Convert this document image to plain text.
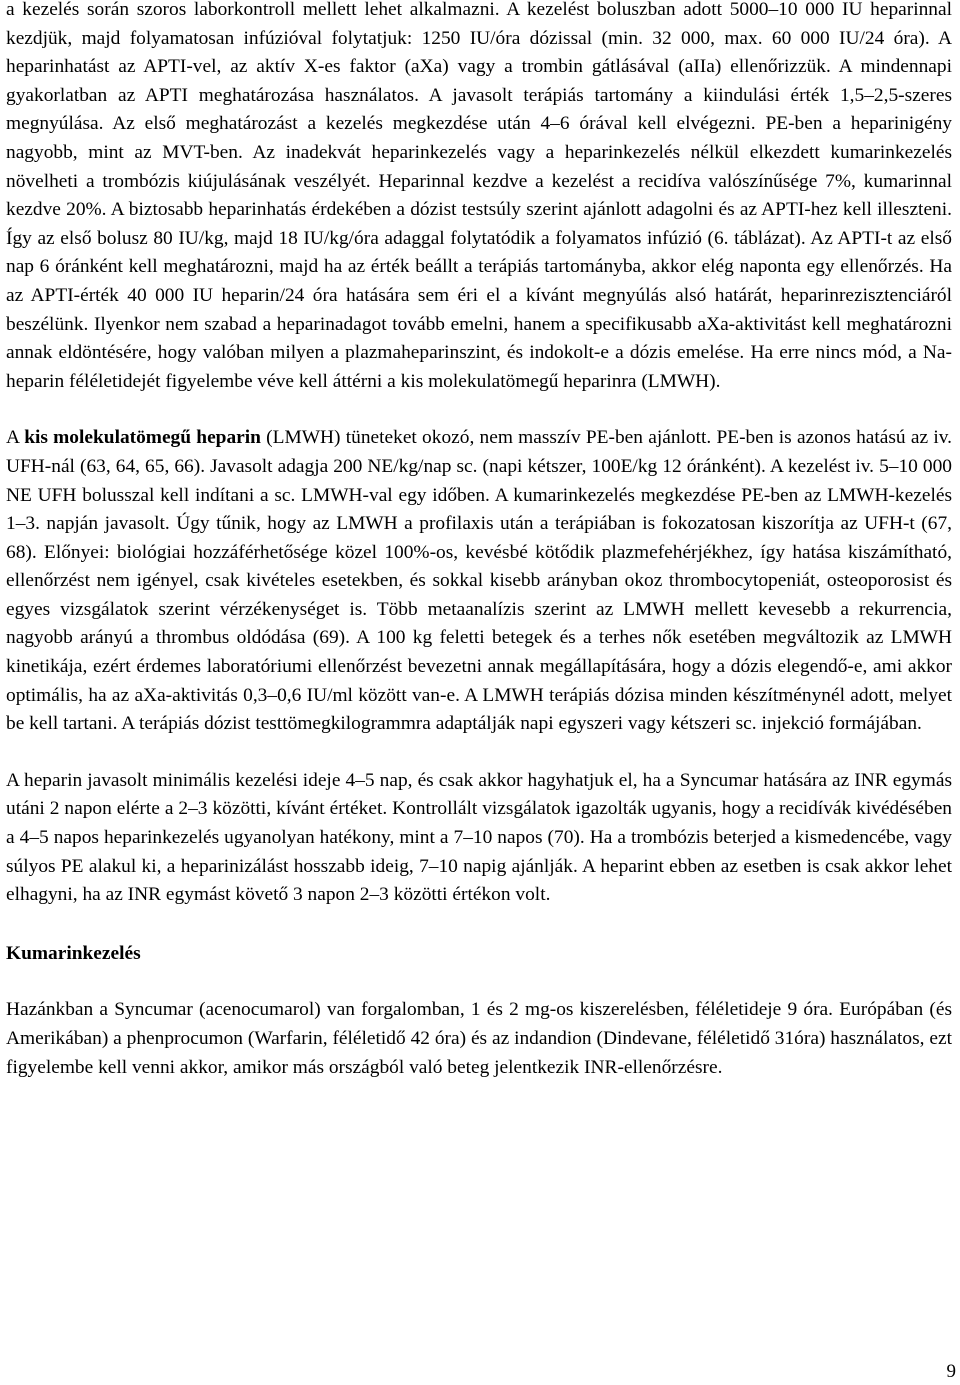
a kezelés során szoros laborkontroll mellett lehet alkalmazni. A kezelést boluszban adott 5000–10 000 IU heparinnal kezdjük, majd folyamatosan infúzióval folytatjuk: 1250 IU/óra dózissal (min. 32 000, max. 60 000 IU/24 óra). A heparinhatást az APTI-vel, az aktív X-es faktor (aXa) vagy a trombin gátlásával (aIIa) ellenőrizzük. A mindennapi gyakorlatban az APTI meghatározása használatos. A javasolt terápiás tartomány a kiindulási érték 1,5–2,5-szeres megnyúlása. Az első meghatározást a kezelés megkezdése után 4–6 órával kell elvégezni. PE-ben a heparinigény nagyobb, mint az MVT-ben. Az inadekvát heparinkezelés vagy a heparinkezelés nélkül elkezdett kumarinkezelés növelheti a trombózis kiújulásának veszélyét. Heparinnal kezdve a kezelést a recidíva valószínűsége 7%, kumarinnal kezdve 20%. A biztosabb heparinhatás érdekében a dózist testsúly szerint ajánlott adagolni és az APTI-hez kell illeszteni. Így az első bolusz 80 IU/kg, majd 18 IU/kg/óra adaggal folytatódik a folyamatos infúzió (6. táblázat). Az APTI-t az első nap 6 óránként kell meghatározni, majd ha az érték beállt a terápiás tartományba, akkor elég naponta egy ellenőrzés. Ha az APTI-érték 40 000 IU heparin/24 óra hatására sem éri el a kívánt megnyúlás alsó határát, heparinrezisztenciáról beszélünk. Ilyenkor nem szabad a heparinadagot tovább emelni, hanem a specifikusabb aXa-aktivitást kell meghatározni annak eldöntésére, hogy valóban milyen a plazmaheparinszint, és indokolt-e a dózis emelése. Ha erre nincs mód, a Na-heparin féléletidejét figyelembe véve kell áttérni a kis molekulatömegű heparinra (LMWH).

A kis molekulatömegű heparin (LMWH) tüneteket okozó, nem masszív PE-ben ajánlott. PE-ben is azonos hatású az iv. UFH-nál (63, 64, 65, 66). Javasolt adagja 200 NE/kg/nap sc. (napi kétszer, 100E/kg 12 óránként). A kezelést iv. 5–10 000 NE UFH bolusszal kell indítani a sc. LMWH-val egy időben. A kumarinkezelés megkezdése PE-ben az LMWH-kezelés 1–3. napján javasolt. Úgy tűnik, hogy az LMWH a profilaxis után a terápiában is fokozatosan kiszorítja az UFH-t (67, 68). Előnyei: biológiai hozzáférhetősége közel 100%-os, kevésbé kötődik plazmefehérjékhez, így hatása kiszámítható, ellenőrzést nem igényel, csak kivételes esetekben, és sokkal kisebb arányban okoz thrombocytopeniát, osteoporosist és egyes vizsgálatok szerint vérzékenységet is. Több metaanalízis szerint az LMWH mellett kevesebb a rekurrencia, nagyobb arányú a thrombus oldódása (69). A 100 kg feletti betegek és a terhes nők esetében megváltozik az LMWH kinetikája, ezért érdemes laboratóriumi ellenőrzést bevezetni annak megállapítására, hogy a dózis elegendő-e, ami akkor optimális, ha az aXa-aktivitás 0,3–0,6 IU/ml között van-e. A LMWH terápiás dózisa minden készítménynél adott, melyet be kell tartani. A terápiás dózist testtömegkilogrammra adaptálják napi egyszeri vagy kétszeri sc. injekció formájában.

A heparin javasolt minimális kezelési ideje 4–5 nap, és csak akkor hagyhatjuk el, ha a Syncumar hatására az INR egymás utáni 2 napon elérte a 2–3 közötti, kívánt értéket. Kontrollált vizsgálatok igazolták ugyanis, hogy a recidívák kivédésében a 4–5 napos heparinkezelés ugyanolyan hatékony, mint a 7–10 napos (70). Ha a trombózis beterjed a kismedencébe, vagy súlyos PE alakul ki, a heparinizálást hosszabb ideig, 7–10 napig ajánlják. A heparint ebben az esetben is csak akkor lehet elhagyni, ha az INR egymást követő 3 napon 2–3 közötti értékon volt.

Kumarinkezelés

Hazánkban a Syncumar (acenocumarol) van forgalomban, 1 és 2 mg-os kiszerelésben, féléletideje 9 óra. Európában (és Amerikában) a phenprocumon (Warfarin, féléletidő 42 óra) és az indandion (Dindevane, féléletidő 31óra) használatos, ezt figyelembe kell venni akkor, amikor más országból való beteg jelentkezik INR-ellenőrzésre.

9
